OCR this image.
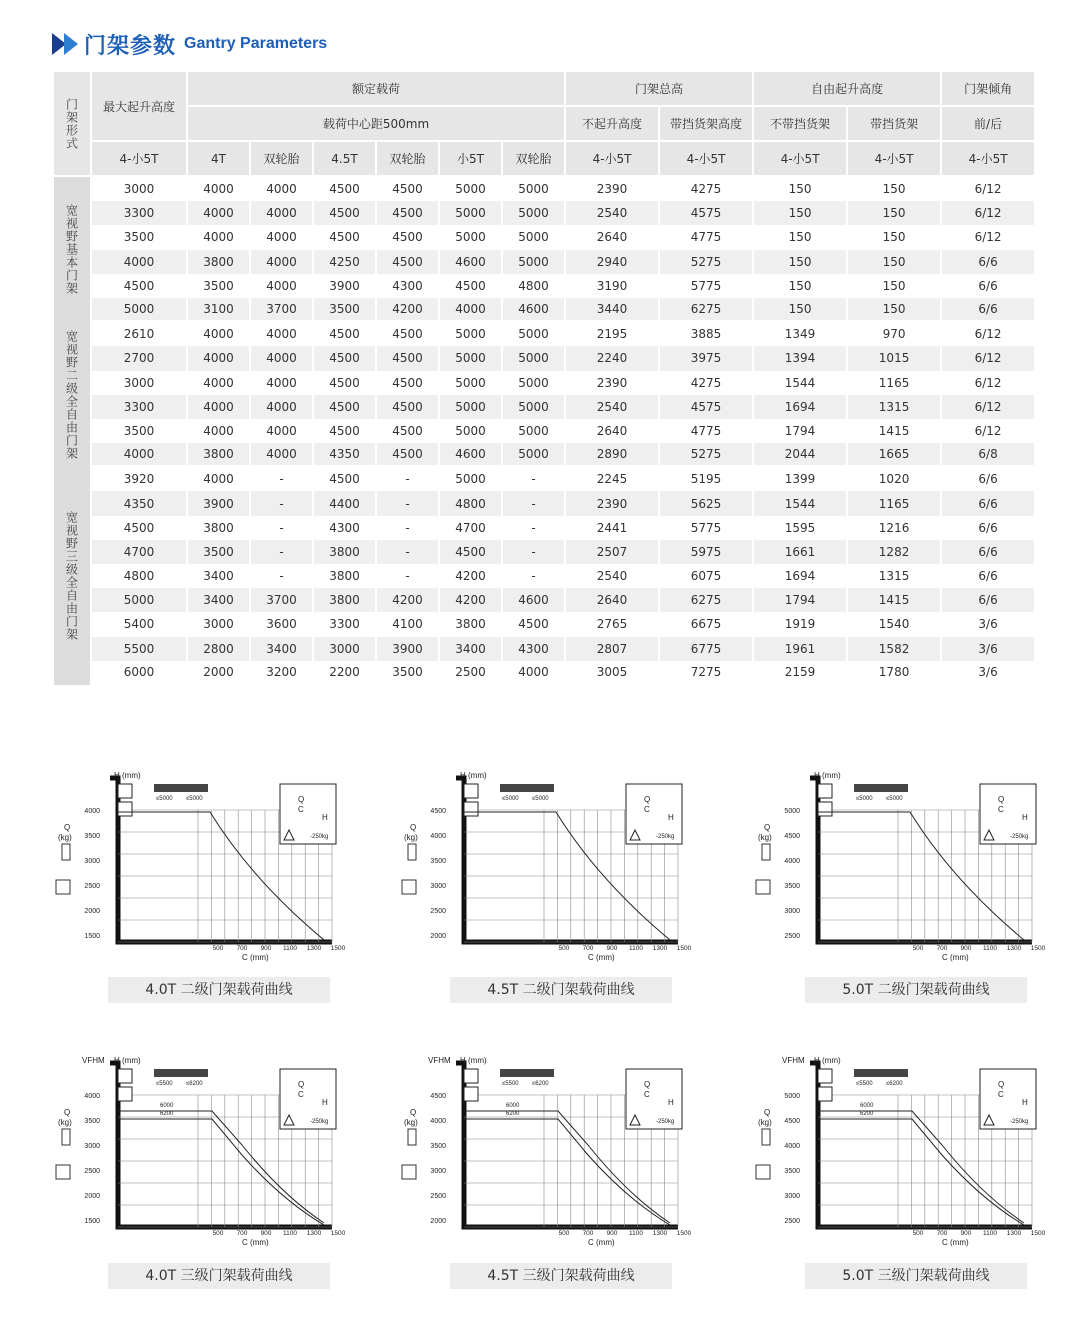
门架参数 Gantry Parameters
门架形式	最大起升高度	额定载荷						门架总高		自由起升高度		门架倾角
		载荷中心距500mm						不起升高度	带挡货架高度	不带挡货架	带挡货架	前/后
	4-小5T	4T	双轮胎	4.5T	双轮胎	小5T	双轮胎	4-小5T	4-小5T	4-小5T	4-小5T	4-小5T

宽视野基本门架	3000	4000	4000	4500	4500	5000	5000	2390	4275	150	150	6/12
	3300	4000	4000	4500	4500	5000	5000	2540	4575	150	150	6/12
	3500	4000	4000	4500	4500	5000	5000	2640	4775	150	150	6/12
	4000	3800	4000	4250	4500	4600	5000	2940	5275	150	150	6/6
	4500	3500	4000	3900	4300	4500	4800	3190	5775	150	150	6/6
	5000	3100	3700	3500	4200	4000	4600	3440	6275	150	150	6/6

宽视野二级全自由门架	2610	4000	4000	4500	4500	5000	5000	2195	3885	1349	970	6/12
	2700	4000	4000	4500	4500	5000	5000	2240	3975	1394	1015	6/12
	3000	4000	4000	4500	4500	5000	5000	2390	4275	1544	1165	6/12
	3300	4000	4000	4500	4500	5000	5000	2540	4575	1694	1315	6/12
	3500	4000	4000	4500	4500	5000	5000	2640	4775	1794	1415	6/12
	4000	3800	4000	4350	4500	4600	5000	2890	5275	2044	1665	6/8

宽视野三级全自由门架	3920	4000	-	4500	-	5000	-	2245	5195	1399	1020	6/6
	4350	3900	-	4400	-	4800	-	2390	5625	1544	1165	6/6
	4500	3800	-	4300	-	4700	-	2441	5775	1595	1216	6/6
	4700	3500	-	3800	-	4500	-	2507	5975	1661	1282	6/6
	4800	3400	-	3800	-	4200	-	2540	6075	1694	1315	6/6
	5000	3400	3700	3800	4200	4200	4600	2640	6275	1794	1415	6/6
	5400	3000	3600	3300	4100	3800	4500	2765	6675	1919	1540	3/6
	5500	2800	3400	3000	3900	3400	4300	2807	6775	1961	1582	3/6
	6000	2000	3200	2200	3500	2500	4000	3005	7275	2159	1780	3/6
4000
3500
3000
2500
2000
1500
500 700 900 1100 1300 1500
Q
(kg)
H (mm)
C (mm)
≤5000 ≤5000	Q
C
H
-250kg
4.0T 二级门架载荷曲线
4500
4000
3500
3000
2500
2000
500 700 900 1100 1300 1500
Q
(kg)
H (mm)
C (mm)
≤5000 ≤5000	Q
C
H
-250kg
4.5T 二级门架载荷曲线
5000
4500
4000
3500
3000
2500
500 700 900 1100 1300 1500
Q
(kg)
H (mm)
C (mm)
≤5000 ≤5000	Q
C
H
-250kg
5.0T 二级门架载荷曲线
4000
3500
3000
2500
2000
1500
500 700 900 1100 1300 1500
Q
(kg)
H (mm)
C (mm)
VFHM
≤5500 ≤6200	Q
C
H
-250kg
6000
6200
4.0T 三级门架载荷曲线
4500
4000
3500
3000
2500
2000
500 700 900 1100 1300 1500
Q
(kg)
H (mm)
C (mm)
VFHM
≤5500 ≤6200	Q
C
H
-250kg
6000
6200
4.5T 三级门架载荷曲线
5000
4500
4000
3500
3000
2500
500 700 900 1100 1300 1500
Q
(kg)
H (mm)
C (mm)
VFHM
≤5500 ≤6200	Q
C
H
-250kg
6000
6200
5.0T 三级门架载荷曲线
